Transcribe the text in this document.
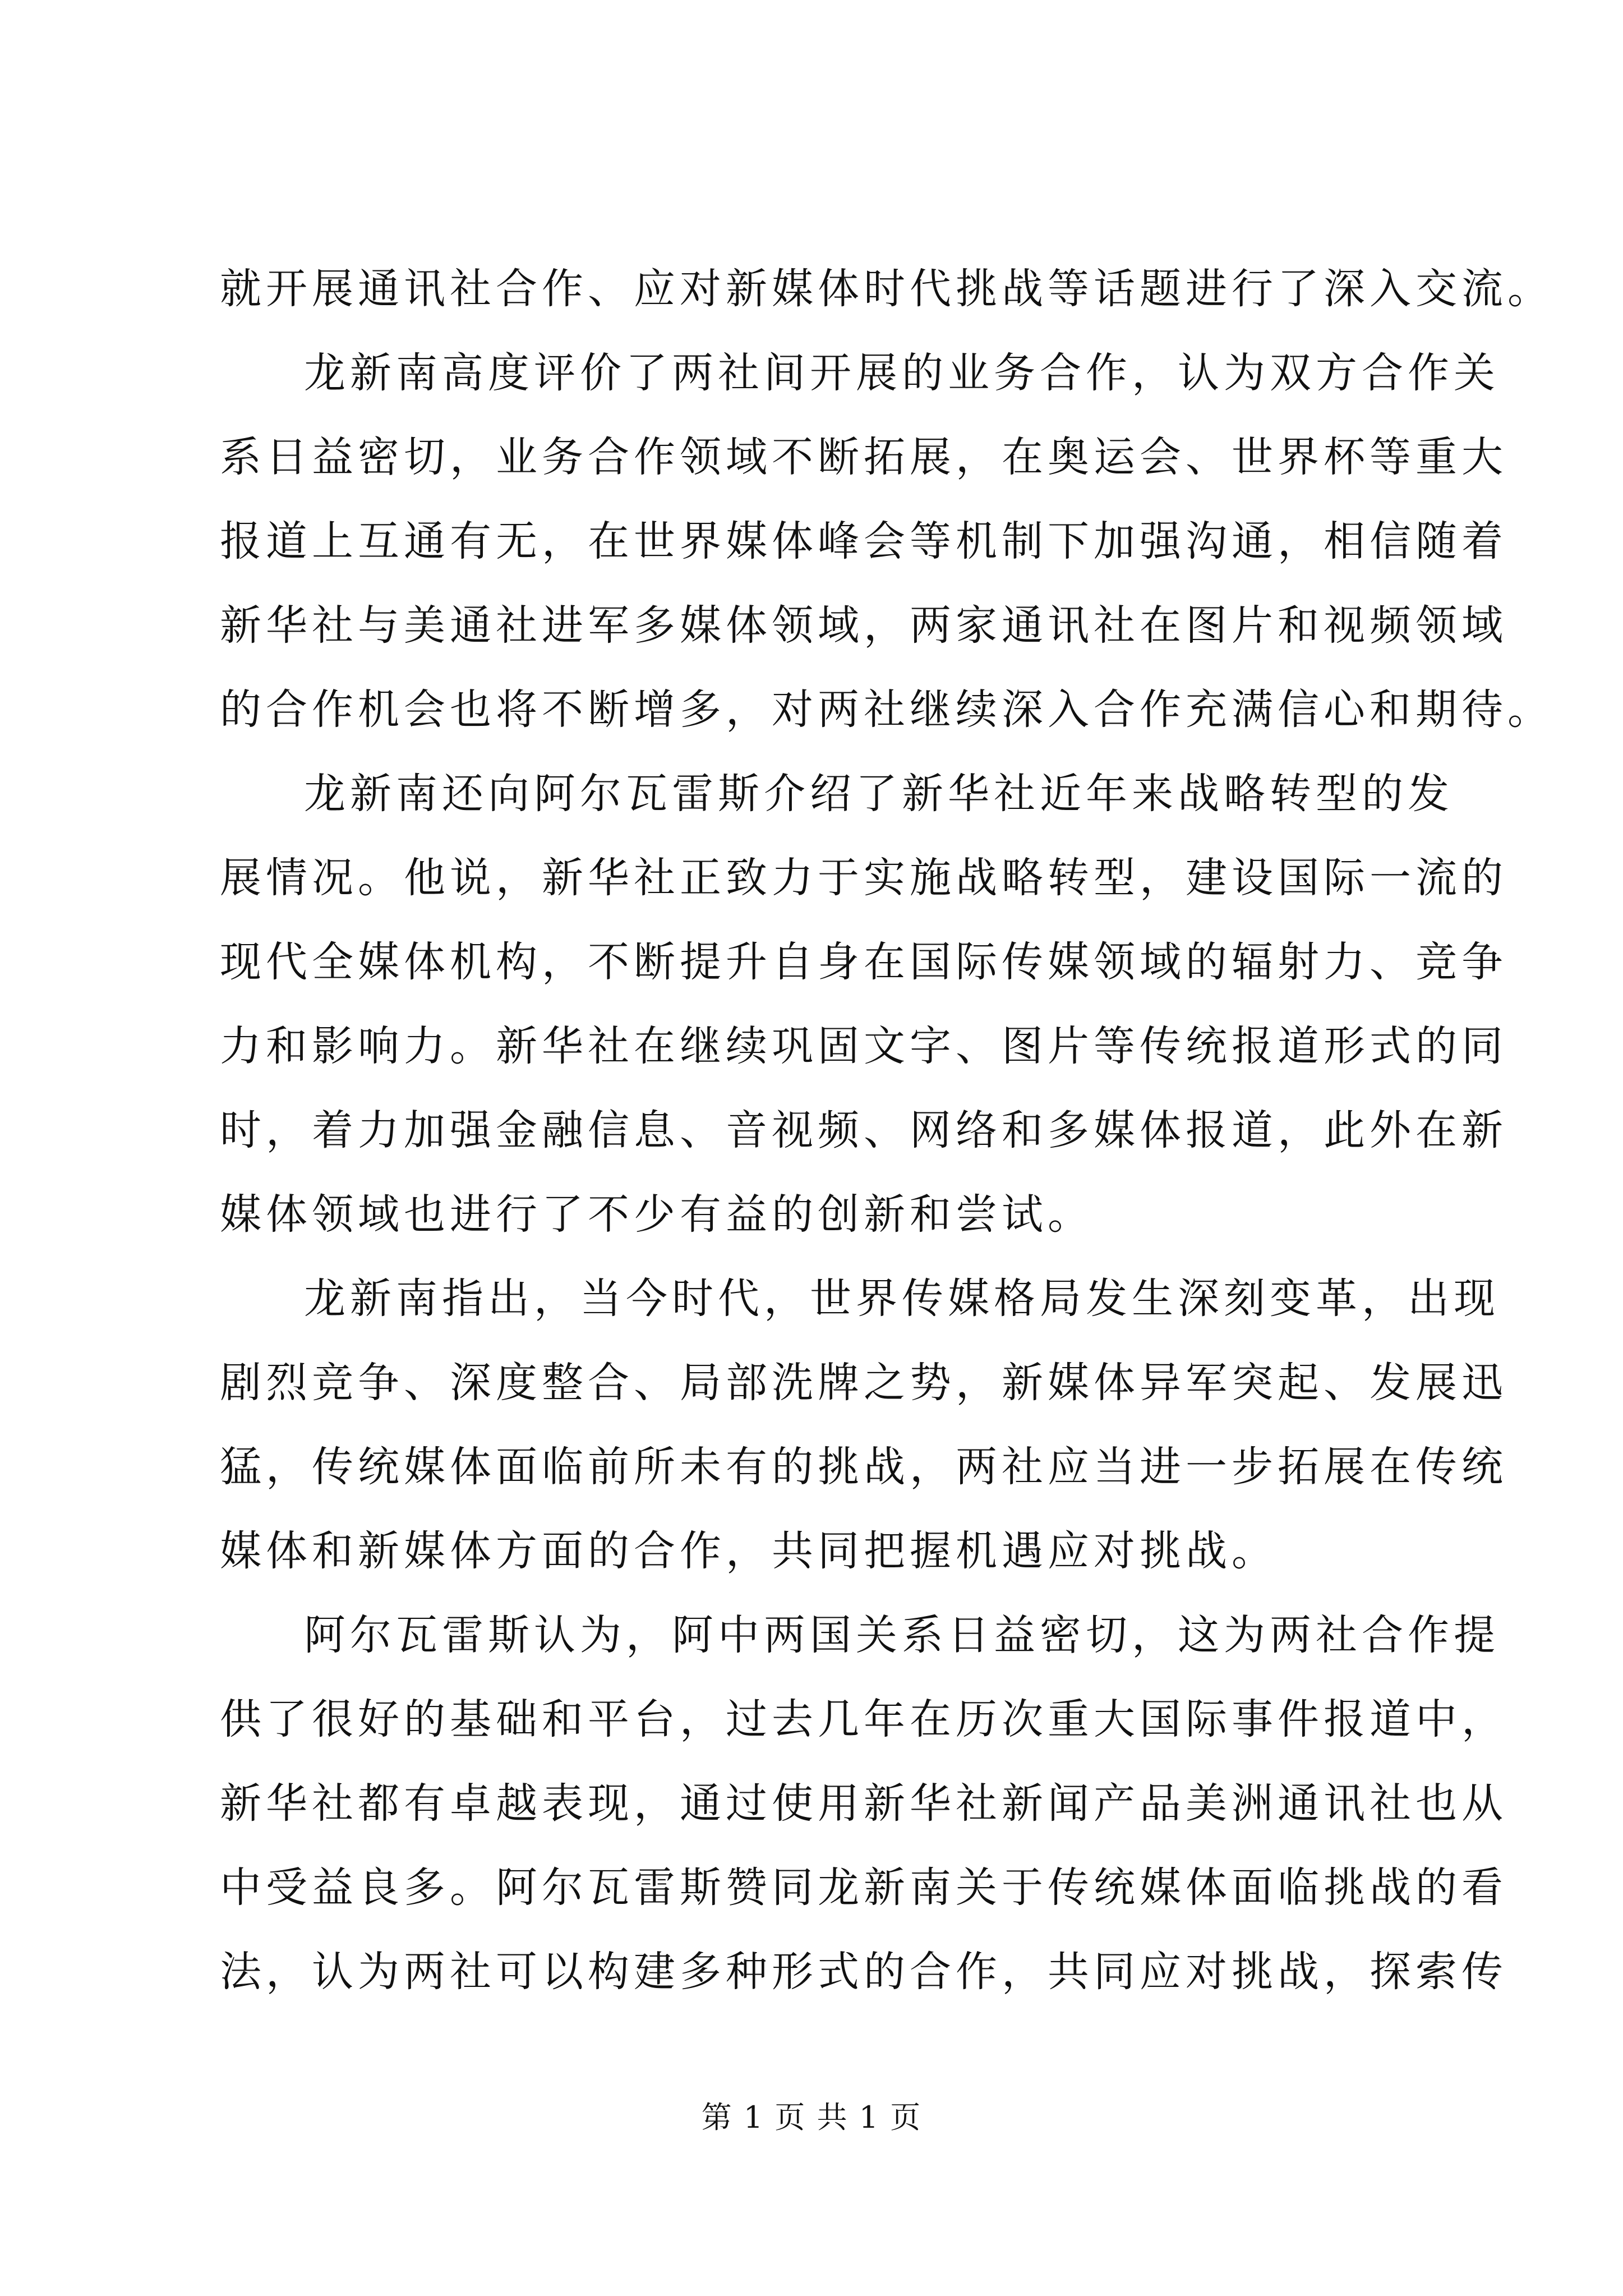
就开展通讯社合作、应对新媒体时代挑战等话题进行了深入交流。
龙新南高度评价了两社间开展的业务合作，认为双方合作关
系日益密切，业务合作领域不断拓展，在奥运会、世界杯等重大
报道上互通有无，在世界媒体峰会等机制下加强沟通，相信随着
新华社与美通社进军多媒体领域，两家通讯社在图片和视频领域
的合作机会也将不断增多，对两社继续深入合作充满信心和期待。
龙新南还向阿尔瓦雷斯介绍了新华社近年来战略转型的发
展情况。他说，新华社正致力于实施战略转型，建设国际一流的
现代全媒体机构，不断提升自身在国际传媒领域的辐射力、竞争
力和影响力。新华社在继续巩固文字、图片等传统报道形式的同
时，着力加强金融信息、音视频、网络和多媒体报道，此外在新
媒体领域也进行了不少有益的创新和尝试。
龙新南指出，当今时代，世界传媒格局发生深刻变革，出现
剧烈竞争、深度整合、局部洗牌之势，新媒体异军突起、发展迅
猛，传统媒体面临前所未有的挑战，两社应当进一步拓展在传统
媒体和新媒体方面的合作，共同把握机遇应对挑战。
阿尔瓦雷斯认为，阿中两国关系日益密切，这为两社合作提
供了很好的基础和平台，过去几年在历次重大国际事件报道中，
新华社都有卓越表现，通过使用新华社新闻产品美洲通讯社也从
中受益良多。阿尔瓦雷斯赞同龙新南关于传统媒体面临挑战的看
法，认为两社可以构建多种形式的合作，共同应对挑战，探索传
第 1 页 共 1 页
